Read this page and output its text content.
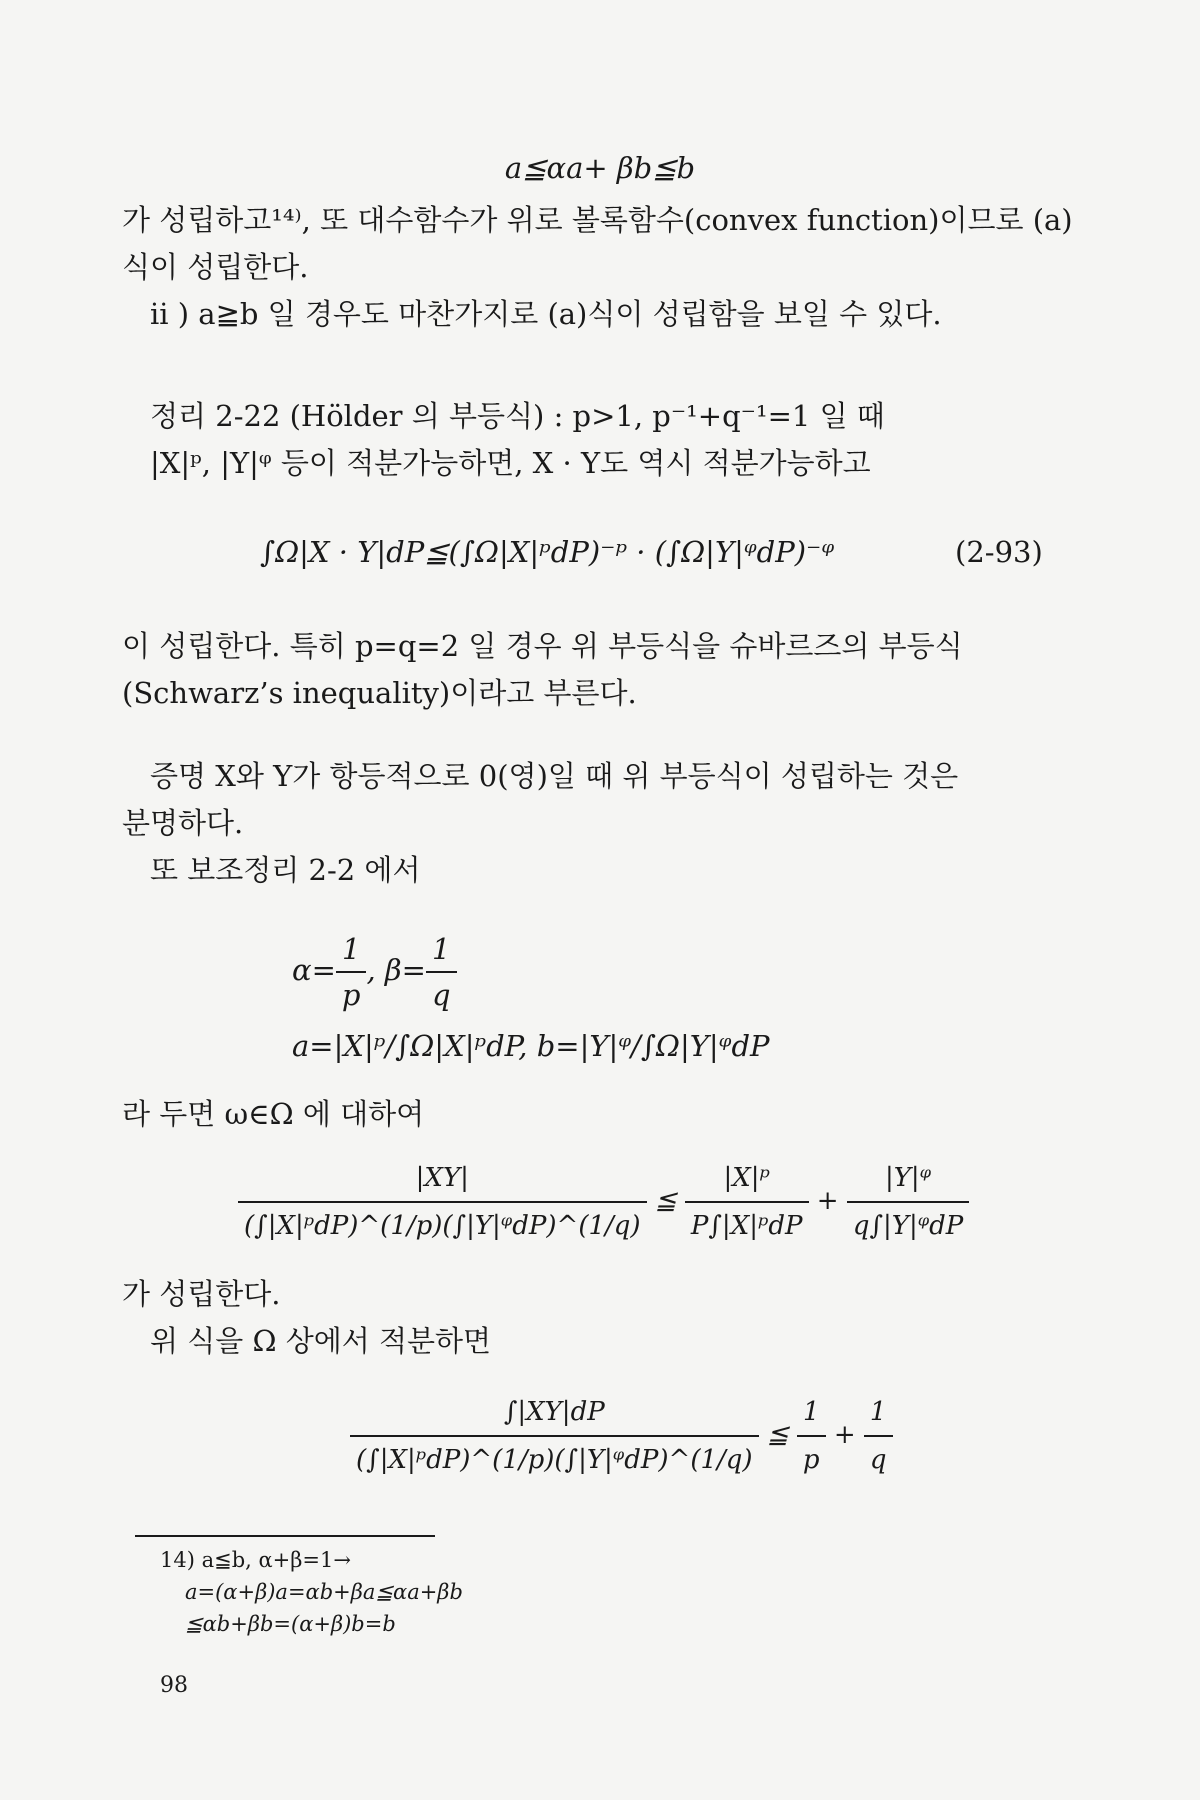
a≦αa+ βb≦b
가 성립하고¹⁴⁾, 또 대수함수가 위로 볼록함수(convex function)이므로 (a)
식이 성립한다.
ii ) a≧b 일 경우도 마찬가지로 (a)식이 성립함을 보일 수 있다.
정리 2-22 (Hölder 의 부등식) : p>1, p⁻¹+q⁻¹=1 일 때
|X|ᵖ, |Y|ᵠ 등이 적분가능하면, X · Y도 역시 적분가능하고
∫Ω|X · Y|dP≦(∫Ω|X|ᵖdP)⁻ᵖ · (∫Ω|Y|ᵠdP)⁻ᵠ	(2-93)
이 성립한다. 특히 p=q=2 일 경우 위 부등식을 슈바르즈의 부등식
(Schwarz’s inequality)이라고 부른다.
증명 X와 Y가 항등적으로 0(영)일 때 위 부등식이 성립하는 것은
분명하다.
또 보조정리 2-2 에서
$\alpha= \frac{1}{p}$ , $\beta= \frac{1}{q}$
a=|X|ᵖ/∫Ω|X|ᵖdP, b=|Y|ᵠ/∫Ω|Y|ᵠdP
라 두면 ω∈Ω 에 대하여
$\frac{|XY|}{\text{(∫|X|ᵖdP)\textasciicircum{}(1/p)(∫|Y|ᵠdP)\textasciicircum{}(1/q)}}$ ≦ $\frac{\text{|X|ᵖ}}{\text{P∫|X|ᵖdP}} + \frac{\text{|Y|ᵠ}}{\text{q∫|Y|ᵠdP}}$
가 성립한다.
위 식을 Ω 상에서 적분하면
$\frac{\int|XY|dP}{\text{(∫|X|ᵖdP)\textasciicircum{}(1/p)(∫|Y|ᵠdP)\textasciicircum{}(1/q)}}$ ≦ $\frac{1}{p} + \frac{1}{q}$
14) a≦b, α+β=1→
a=(α+β)a=αb+βa≦αa+βb
≦αb+βb=(α+β)b=b
98
